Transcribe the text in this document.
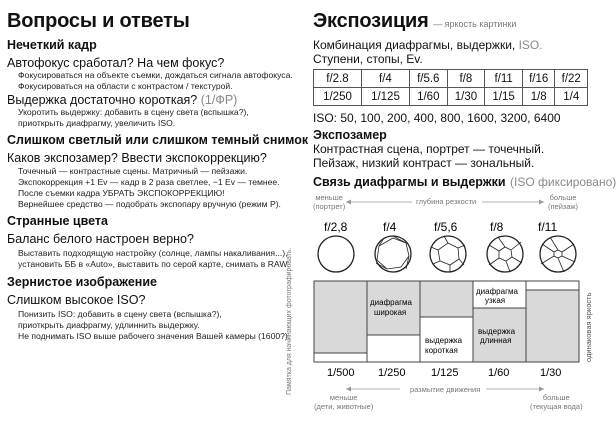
Вопросы и ответы
Нечеткий кадр
Автофокус сработал? На чем фокус?
Фокусироваться на объекте съемки, дождаться сигнала автофокуса.
Фокусироваться на области с контрастом / текстурой.
Выдержка достаточно короткая? (1/ФР)
Укоротить выдержку: добавить в сцену света (вспышка?),
приоткрыть диафрагму, увеличить ISO.
Слишком светлый или слишком темный снимок
Каков экспозамер? Ввести экспокоррекцию?
Точечный — контрастные сцены. Матричный — пейзажи.
Экспокоррекция +1 Ev — кадр в 2 раза светлее, −1 Ev — темнее.
После съемки кадра УБРАТЬ ЭКСПОКОРРЕКЦИЮ!
Вернейшее средство — подобрать экспопару вручную (режим P).
Странные цвета
Баланс белого настроен верно?
Выставить подходящую настройку (солнце, лампы накаливания...),
установить ББ в «Auto», выставить по серой карте, снимать в RAW.
Зернистое изображение
Слишком высокое ISO?
Понизить ISO: добавить в сцену света (вспышка?),
приоткрыть диафрагму, удлиннить выдержку.
Не поднимать ISO выше рабочего значения Вашей камеры (1600?).
Памятка для начинающих фотографировать.
Экспозиция — яркость картинки
Комбинация диафрагмы, выдержки, ISO.
Ступени, стопы, Ev.
f/2.8	f/4	f/5.6	f/8	f/11	f/16	f/22
1/250	1/125	1/60	1/30	1/15	1/8	1/4
ISO: 50, 100, 200, 400, 800, 1600, 3200, 6400
Экспозамер
Контрастная сцена, портрет — точечный.
Пейзаж, низкий контраст — зональный.
Связь диафрагмы и выдержки (ISO фиксировано)
меньше
(портрет)
глубина резкости	больше
(пейзаж)
f/2,8	f/4	f/5,6	f/8	f/11
диафрагма
широкая
выдержка
короткая
диафрагма
узкая
выдержка
длинная	одинаковая яркость
1/500 1/250 1/125	1/60	1/30
размытие движения
меньше
(дети, животные)
больше
(текущая вода)
